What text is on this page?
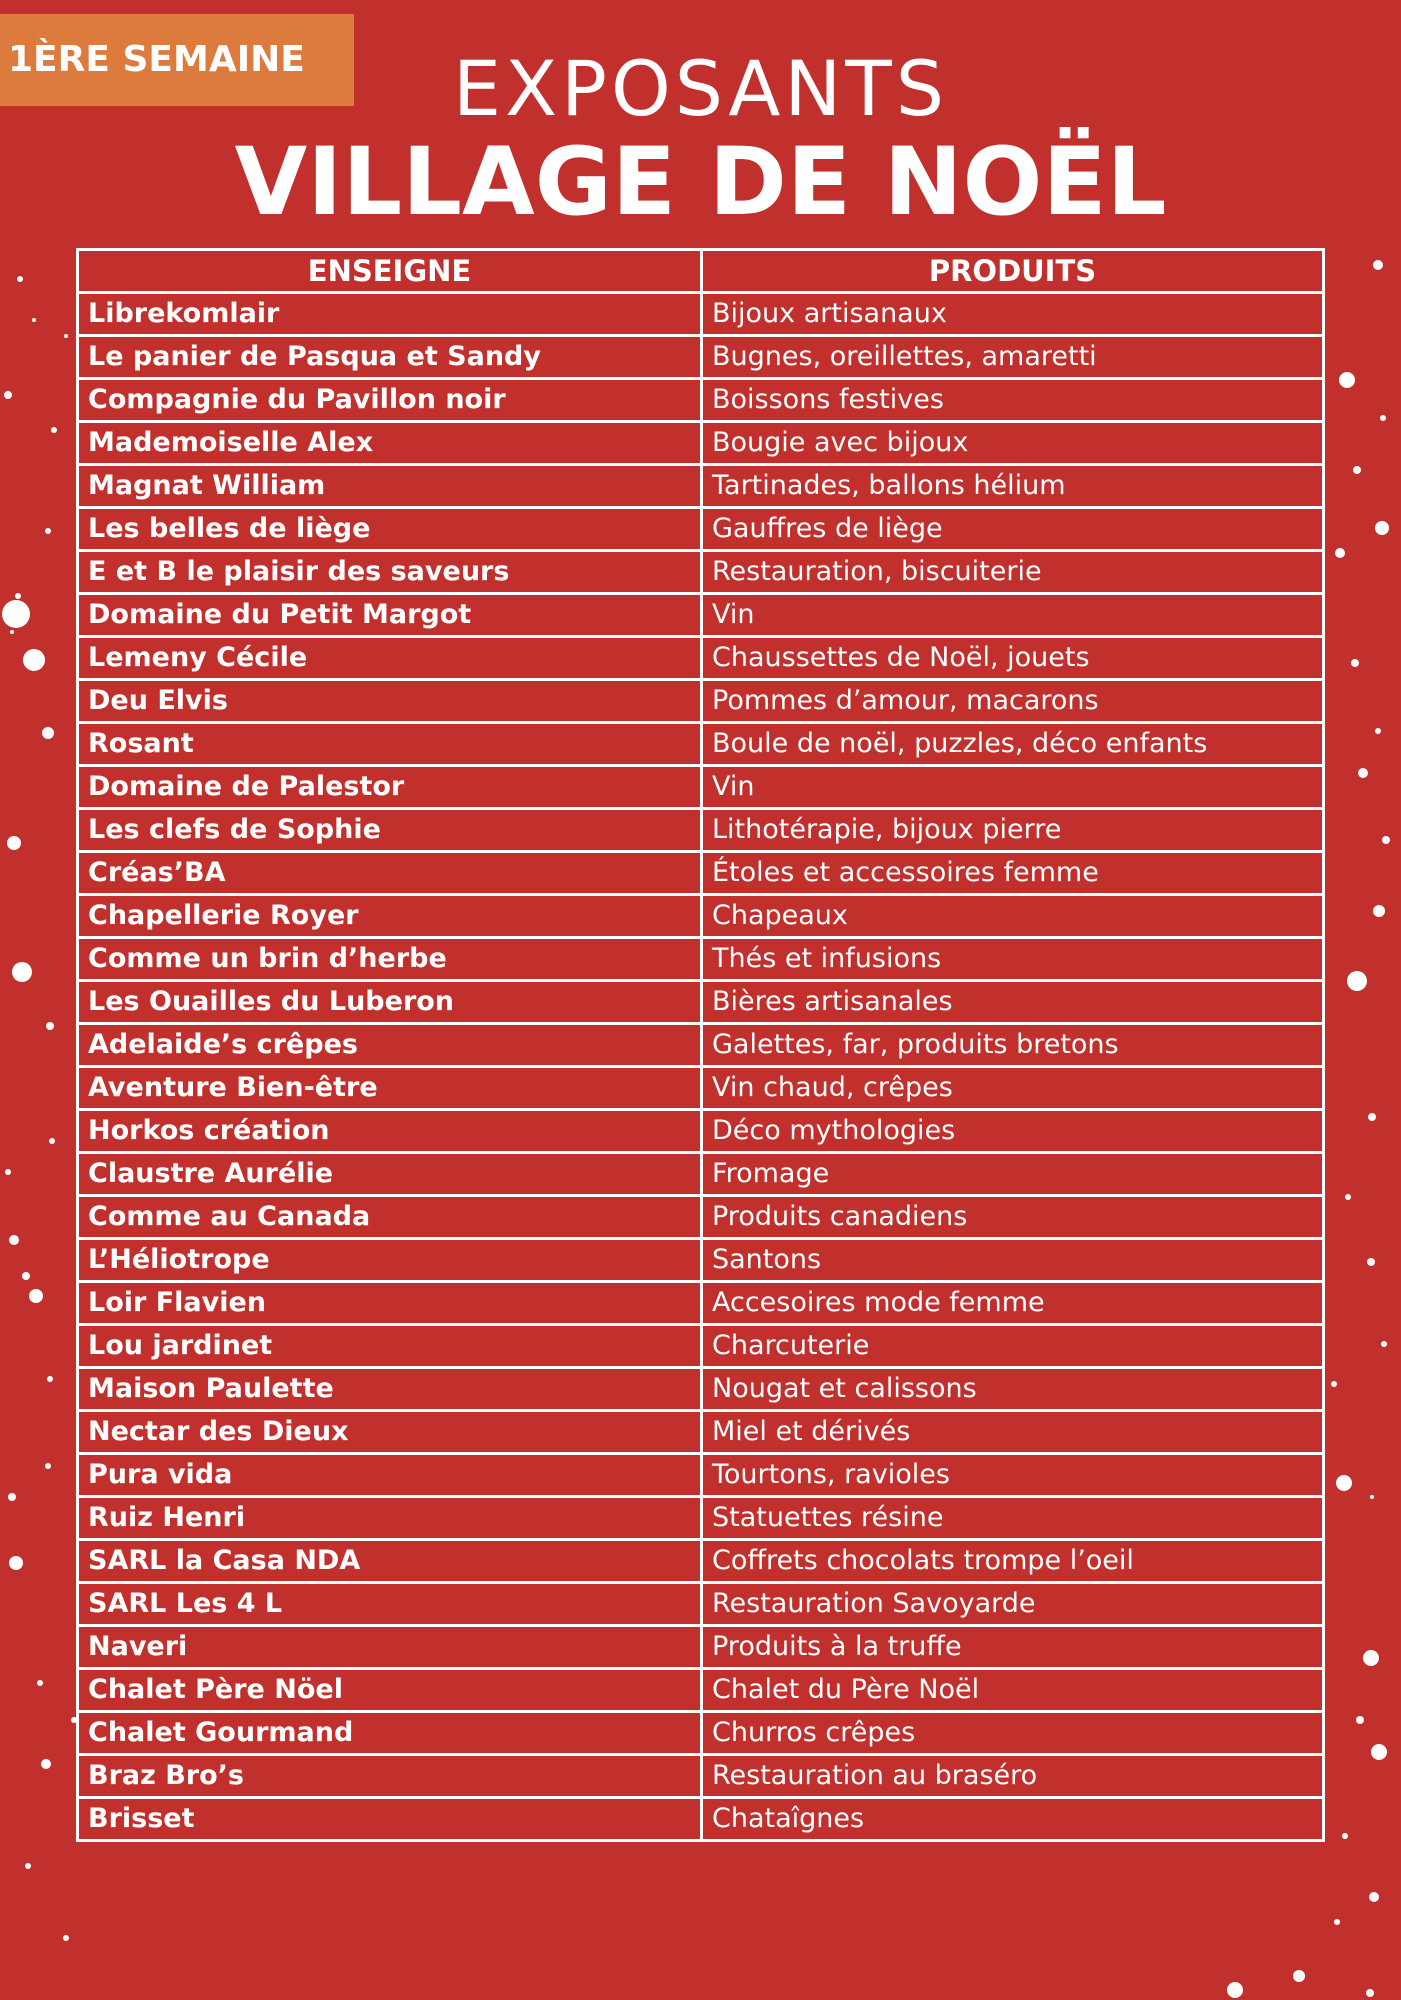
1ÈRE SEMAINE	EXPOSANTS
VILLAGE DE NOËL
ENSEIGNE	PRODUITS
Librekomlair	Bijoux artisanaux
Le panier de Pasqua et Sandy	Bugnes, oreillettes, amaretti
Compagnie du Pavillon noir	Boissons festives
Mademoiselle Alex	Bougie avec bijoux
Magnat William	Tartinades, ballons hélium
Les belles de liège	Gauffres de liège
E et B le plaisir des saveurs	Restauration, biscuiterie
Domaine du Petit Margot	Vin
Lemeny Cécile	Chaussettes de Noël, jouets
Deu Elvis	Pommes d’amour, macarons
Rosant	Boule de noël, puzzles, déco enfants
Domaine de Palestor	Vin
Les clefs de Sophie	Lithotérapie, bijoux pierre
Créas’BA	Étoles et accessoires femme
Chapellerie Royer	Chapeaux
Comme un brin d’herbe	Thés et infusions
Les Ouailles du Luberon	Bières artisanales
Adelaide’s crêpes	Galettes, far, produits bretons
Aventure Bien-être	Vin chaud, crêpes
Horkos création	Déco mythologies
Claustre Aurélie	Fromage
Comme au Canada	Produits canadiens
L’Héliotrope	Santons
Loir Flavien	Accesoires mode femme
Lou jardinet	Charcuterie
Maison Paulette	Nougat et calissons
Nectar des Dieux	Miel et dérivés
Pura vida	Tourtons, ravioles
Ruiz Henri	Statuettes résine
SARL la Casa NDA	Coffrets chocolats trompe l’oeil
SARL Les 4 L	Restauration Savoyarde
Naveri	Produits à la truffe
Chalet Père Nöel	Chalet du Père Noël
Chalet Gourmand	Churros crêpes
Braz Bro’s	Restauration au braséro
Brisset	Chataîgnes
